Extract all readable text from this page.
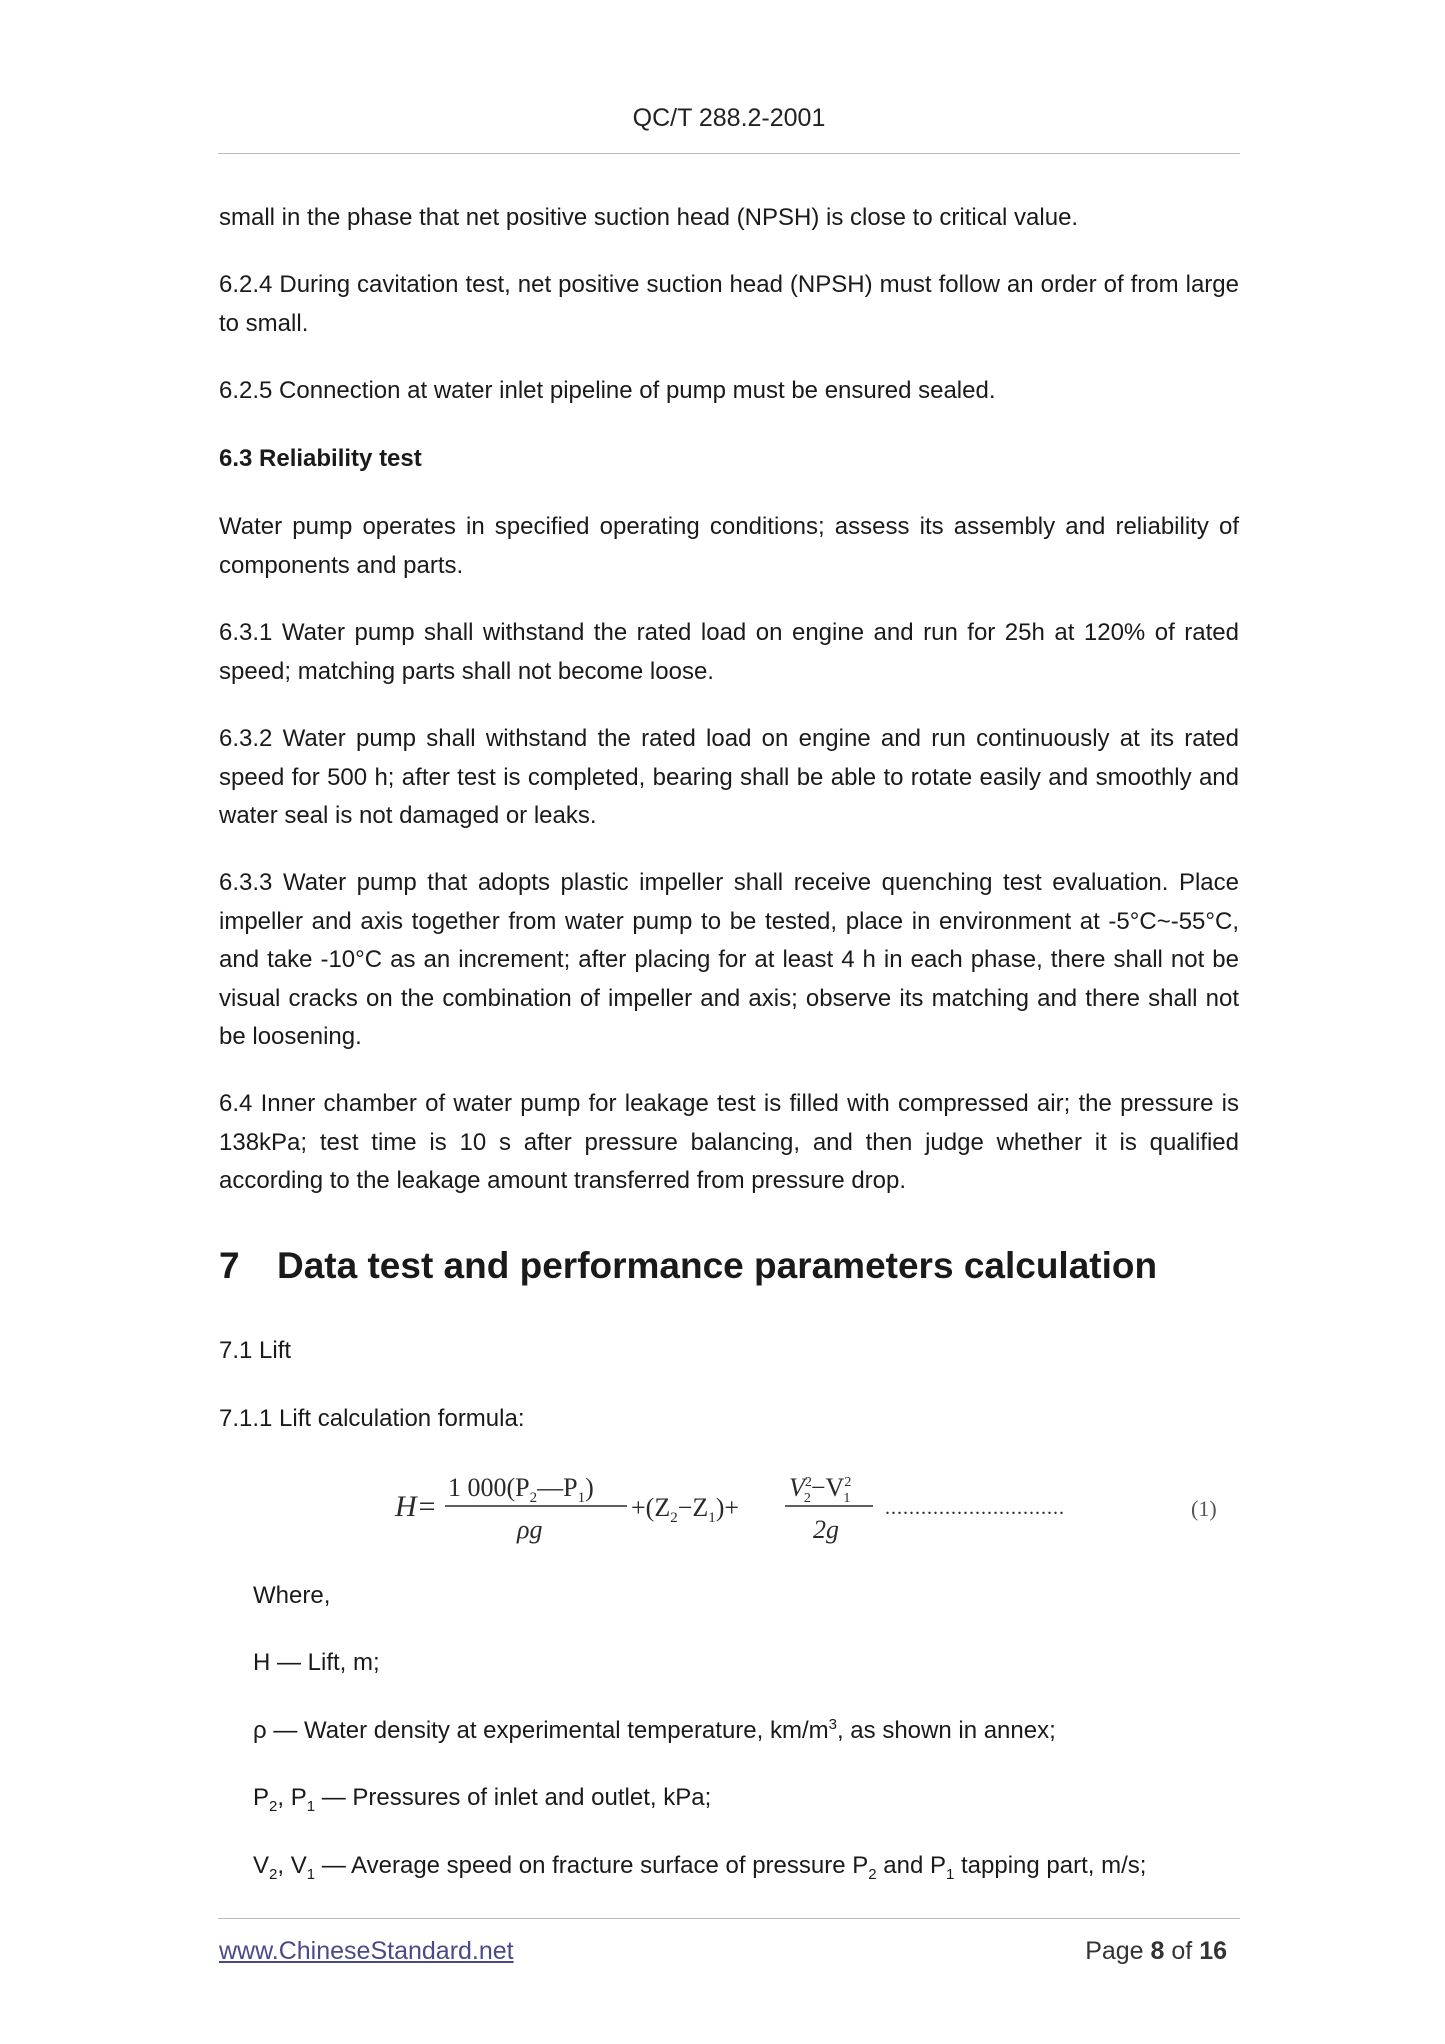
QC/T 288.2-2001

small in the phase that net positive suction head (NPSH) is close to critical value.

6.2.4 During cavitation test, net positive suction head (NPSH) must follow an order of from large to small.

6.2.5 Connection at water inlet pipeline of pump must be ensured sealed.

6.3 Reliability test

Water pump operates in specified operating conditions; assess its assembly and reliability of components and parts.

6.3.1 Water pump shall withstand the rated load on engine and run for 25h at 120% of rated speed; matching parts shall not become loose.

6.3.2 Water pump shall withstand the rated load on engine and run continuously at its rated speed for 500 h; after test is completed, bearing shall be able to rotate easily and smoothly and water seal is not damaged or leaks.

6.3.3 Water pump that adopts plastic impeller shall receive quenching test evaluation. Place impeller and axis together from water pump to be tested, place in environment at -5°C~-55°C, and take -10°C as an increment; after placing for at least 4 h in each phase, there shall not be visual cracks on the combination of impeller and axis; observe its matching and there shall not be loosening.

6.4 Inner chamber of water pump for leakage test is filled with compressed air; the pressure is 138kPa; test time is 10 s after pressure balancing, and then judge whether it is qualified according to the leakage amount transferred from pressure drop.

7 Data test and performance parameters calculation
7.1 Lift
7.1.1 Lift calculation formula:
H=
1 $000(P_2—P_1)$
ρg
$+(Z_2-Z_1)+$
$V^2$ $2-V^2$ 1
2g
..............................	(1)
Where,
H — Lift, m;
ρ — Water density at experimental temperature, $km/m^3$, as shown in annex;
$P_2$, $P_1$ — Pressures of inlet and outlet, kPa;
$V_2$, $V_1$ — Average speed on fracture surface of pressure $P_2$ and $P_1$ tapping part, m/s;
www.ChineseStandard.net	Page 8 of 16
